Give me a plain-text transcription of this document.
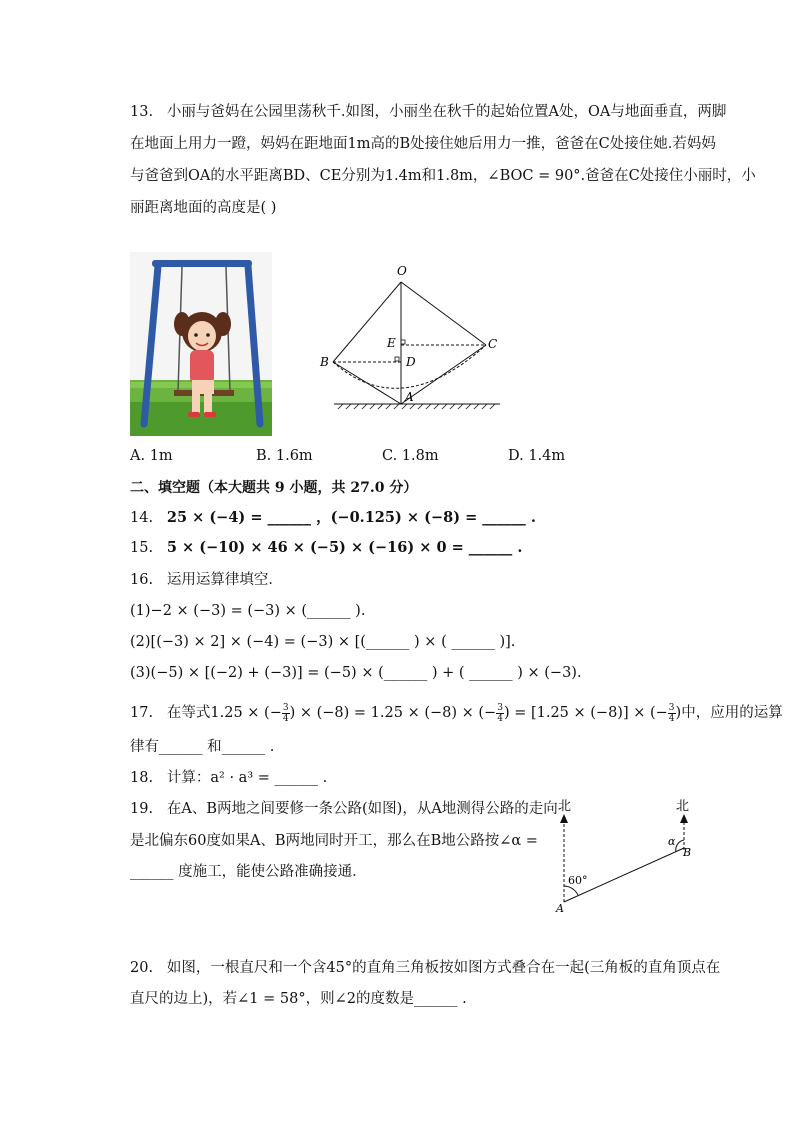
13. 小丽与爸妈在公园里荡秋千.如图，小丽坐在秋千的起始位置A处，OA与地面垂直，两脚
在地面上用力一蹬，妈妈在距地面1m高的B处接住她后用力一推，爸爸在C处接住她.若妈妈
与爸爸到OA的水平距离BD、CE分别为1.4m和1.8m，∠BOC = 90°.爸爸在C处接住小丽时，小
丽距离地面的高度是( )
O
E	C
B	D
A
A. 1m	B. 1.6m	C. 1.8m	D. 1.4m
二、填空题（本大题共 9 小题，共 27.0 分）
14. 25 × (−4) = ______ ，(−0.125) × (−8) = ______ .
15. 5 × (−10) × 46 × (−5) × (−16) × 0 = ______ .
16. 运用运算律填空．
(1)−2 × (−3) = (−3) × (______ ).
(2)[(−3) × 2] × (−4) = (−3) × [(______ ) × ( ______ )].
(3)(−5) × [(−2) + (−3)] = (−5) × (______ ) + ( ______ ) × (−3).
17. 在等式1.25 × (− $\frac{3}{4}$ ) × (−8) = 1.25 × (−8) × (− $\frac{3}{4}$ ) = [1.25 × (−8)] × (− $\frac{3}{4}$ )中，应用的运算
律有______ 和______ .
18. 计算：a² · a³ = ______ .
19. 在A、B两地之间要修一条公路(如图)，从A地测得公路的走向
是北偏东60度如果A、B两地同时开工，那么在B地公路按∠α =
______ 度施工，能使公路准确接通．
北	北
60°
α
A
B
20. 如图，一根直尺和一个含45°的直角三角板按如图方式叠合在一起(三角板的直角顶点在
直尺的边上)，若∠1 = 58°，则∠2的度数是______ .
